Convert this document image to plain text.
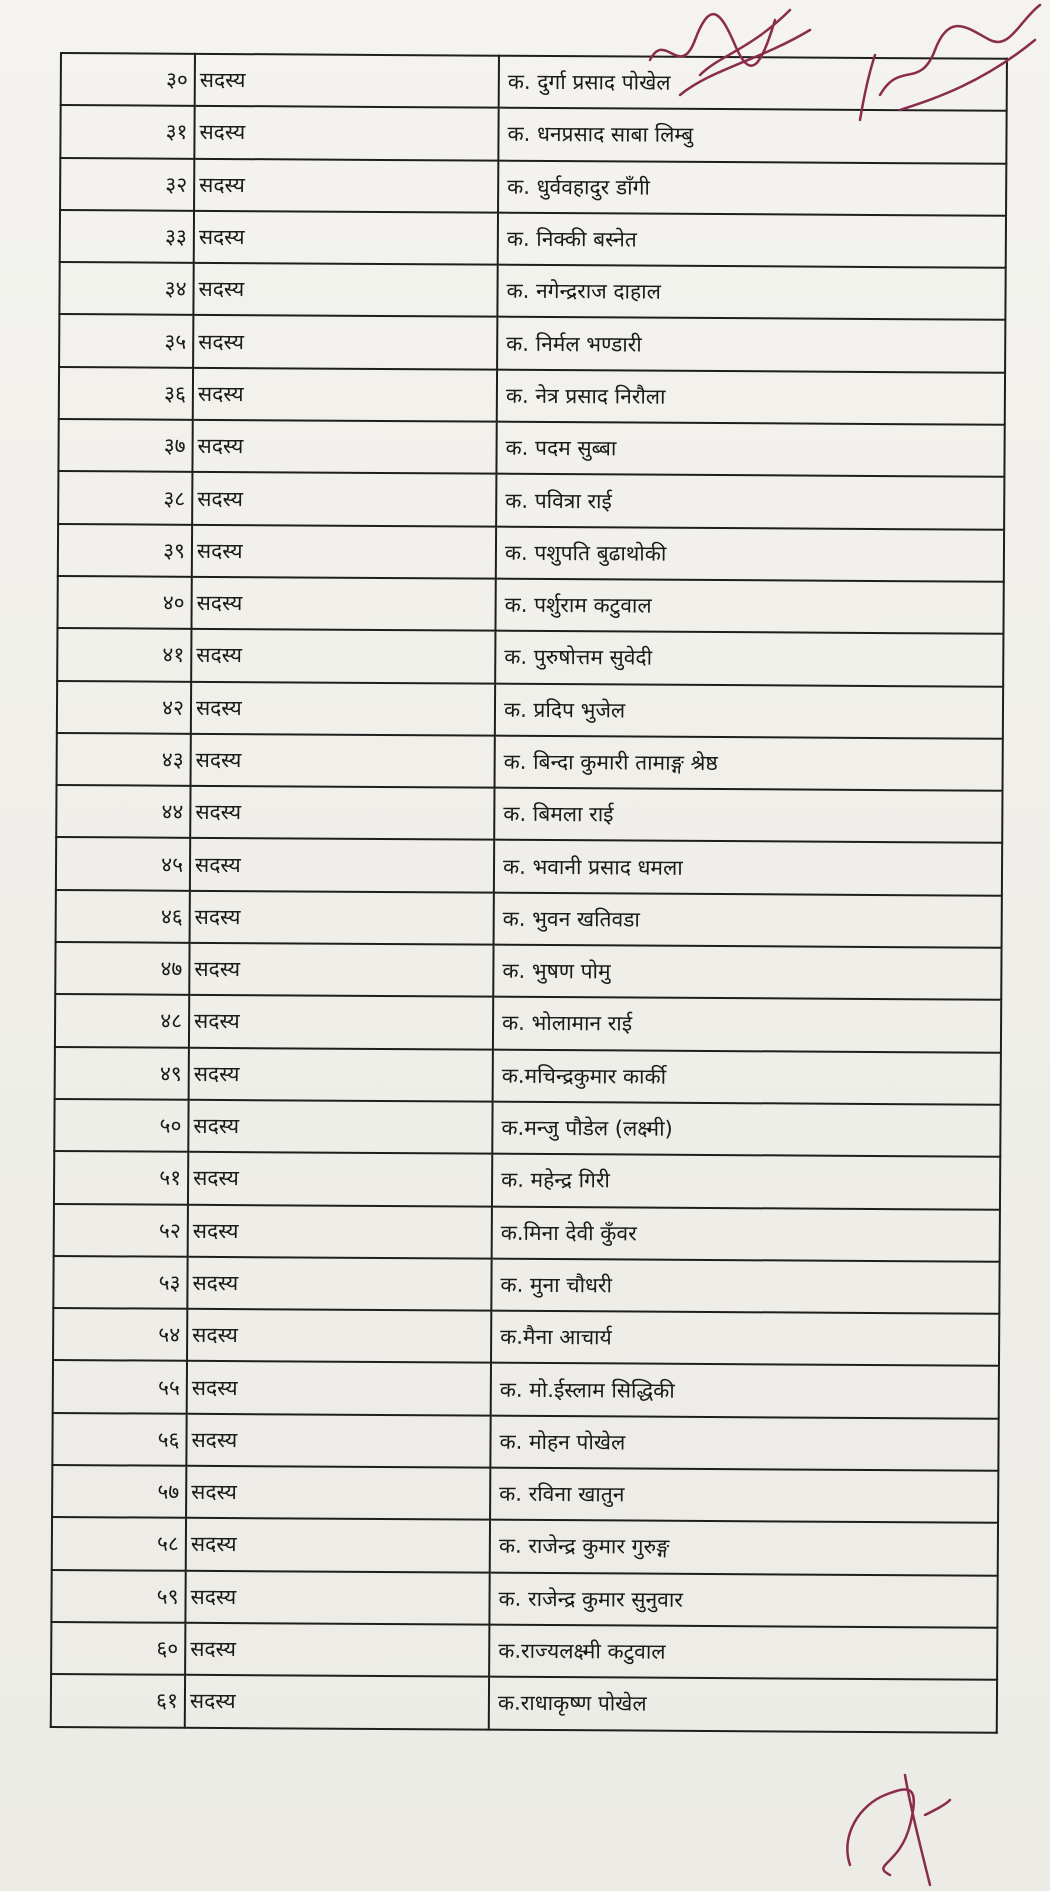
३०	सदस्य	क. दुर्गा प्रसाद पोखेल
३१	सदस्य	क. धनप्रसाद साबा लिम्बु
३२	सदस्य	क. धुर्ववहादुर डाँगी
३३	सदस्य	क. निक्की बस्नेत
३४	सदस्य	क. नगेन्द्रराज दाहाल
३५	सदस्य	क. निर्मल भण्डारी
३६	सदस्य	क. नेत्र प्रसाद निरौला
३७	सदस्य	क. पदम सुब्बा
३८	सदस्य	क. पवित्रा राई
३९	सदस्य	क. पशुपति बुढाथोकी
४०	सदस्य	क. पर्शुराम कटुवाल
४१	सदस्य	क. पुरुषोत्तम सुवेदी
४२	सदस्य	क. प्रदिप भुजेल
४३	सदस्य	क. बिन्दा कुमारी तामाङ्ग श्रेष्ठ
४४	सदस्य	क. बिमला राई
४५	सदस्य	क. भवानी प्रसाद धमला
४६	सदस्य	क. भुवन खतिवडा
४७	सदस्य	क. भुषण पोमु
४८	सदस्य	क. भोलामान राई
४९	सदस्य	क.मचिन्द्रकुमार कार्की
५०	सदस्य	क.मन्जु पौडेल (लक्ष्मी)
५१	सदस्य	क. महेन्द्र गिरी
५२	सदस्य	क.मिना देवी कुँवर
५३	सदस्य	क. मुना चौधरी
५४	सदस्य	क.मैना आचार्य
५५	सदस्य	क. मो.ईस्लाम सिद्धिकी
५६	सदस्य	क. मोहन पोखेल
५७	सदस्य	क. रविना खातुन
५८	सदस्य	क. राजेन्द्र कुमार गुरुङ्ग
५९	सदस्य	क. राजेन्द्र कुमार सुनुवार
६०	सदस्य	क.राज्यलक्ष्मी कटुवाल
६१	सदस्य	क.राधाकृष्ण पोखेल
